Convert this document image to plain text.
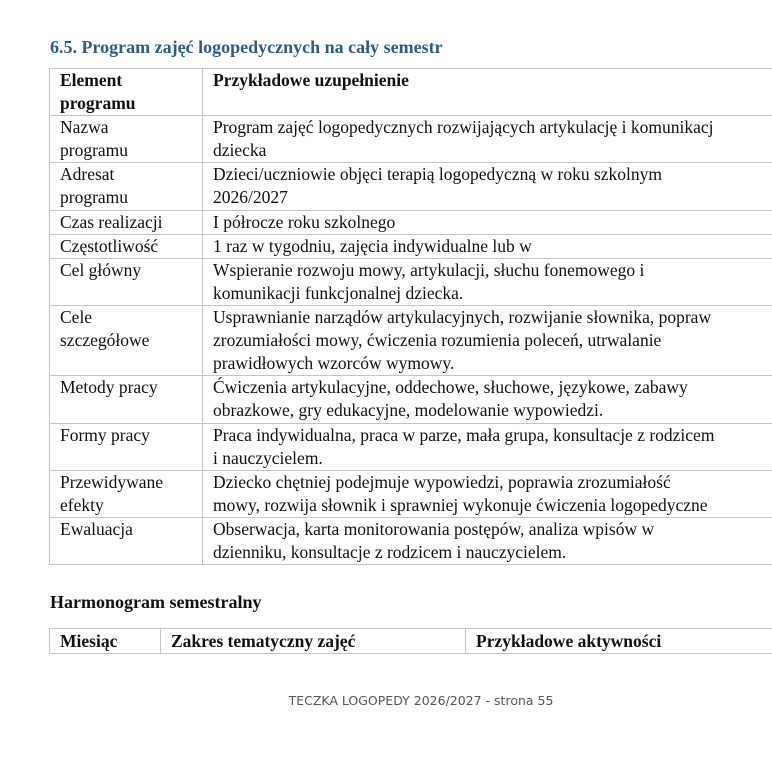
6.5. Program zajęć logopedycznych na cały semestr
Element
programu	Przykładowe uzupełnienie

Nazwa
programu	Program zajęć logopedycznych rozwijających artykulację i komunikacj
dziecka

Adresat
programu	Dzieci/uczniowie objęci terapią logopedyczną w roku szkolnym
2026/2027

Czas realizacji	I półrocze roku szkolnego

Częstotliwość	1 raz w tygodniu, zajęcia indywidualne lub w

Cel główny	Wspieranie rozwoju mowy, artykulacji, słuchu fonemowego i
komunikacji funkcjonalnej dziecka.

Cele
szczegółowe	Usprawnianie narządów artykulacyjnych, rozwijanie słownika, popraw
zrozumiałości mowy, ćwiczenia rozumienia poleceń, utrwalanie
prawidłowych wzorców wymowy.

Metody pracy	Ćwiczenia artykulacyjne, oddechowe, słuchowe, językowe, zabawy
obrazkowe, gry edukacyjne, modelowanie wypowiedzi.

Formy pracy	Praca indywidualna, praca w parze, mała grupa, konsultacje z rodzicem
i nauczycielem.

Przewidywane
efekty	Dziecko chętniej podejmuje wypowiedzi, poprawia zrozumiałość
mowy, rozwija słownik i sprawniej wykonuje ćwiczenia logopedyczne

Ewaluacja	Obserwacja, karta monitorowania postępów, analiza wpisów w
dzienniku, konsultacje z rodzicem i nauczycielem.
Harmonogram semestralny
Miesiąc	Zakres tematyczny zajęć	Przykładowe aktywności
TECZKA LOGOPEDY 2026/2027 - strona 55
